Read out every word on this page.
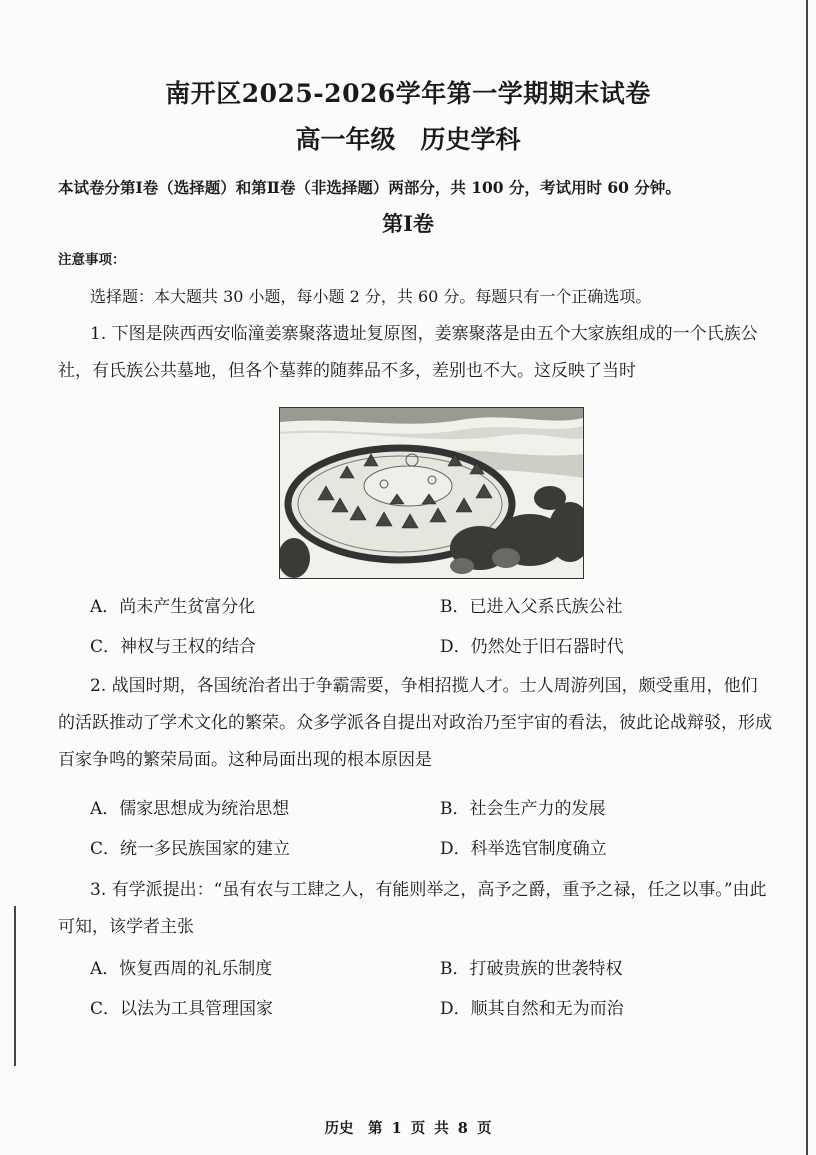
南开区2025-2026学年第一学期期末试卷
高一年级　历史学科
本试卷分第Ⅰ卷（选择题）和第Ⅱ卷（非选择题）两部分，共 100 分，考试用时 60 分钟。
第Ⅰ卷
注意事项：
选择题：本大题共 30 小题，每小题 2 分，共 60 分。每题只有一个正确选项。
1. 下图是陕西西安临潼姜寨聚落遗址复原图，姜寨聚落是由五个大家族组成的一个氏族公社，有氏族公共墓地，但各个墓葬的随葬品不多，差别也不大。这反映了当时
A．尚未产生贫富分化	B．已进入父系氏族公社
C．神权与王权的结合	D．仍然处于旧石器时代
2. 战国时期，各国统治者出于争霸需要，争相招揽人才。士人周游列国，颇受重用，他们的活跃推动了学术文化的繁荣。众多学派各自提出对政治乃至宇宙的看法，彼此论战辩驳，形成百家争鸣的繁荣局面。这种局面出现的根本原因是
A．儒家思想成为统治思想	B．社会生产力的发展
C．统一多民族国家的建立	D．科举选官制度确立
3. 有学派提出：“虽有农与工肆之人，有能则举之，高予之爵，重予之禄，任之以事。”由此可知，该学者主张
A．恢复西周的礼乐制度	B．打破贵族的世袭特权
C．以法为工具管理国家	D．顺其自然和无为而治
历史　第 1 页 共 8 页
